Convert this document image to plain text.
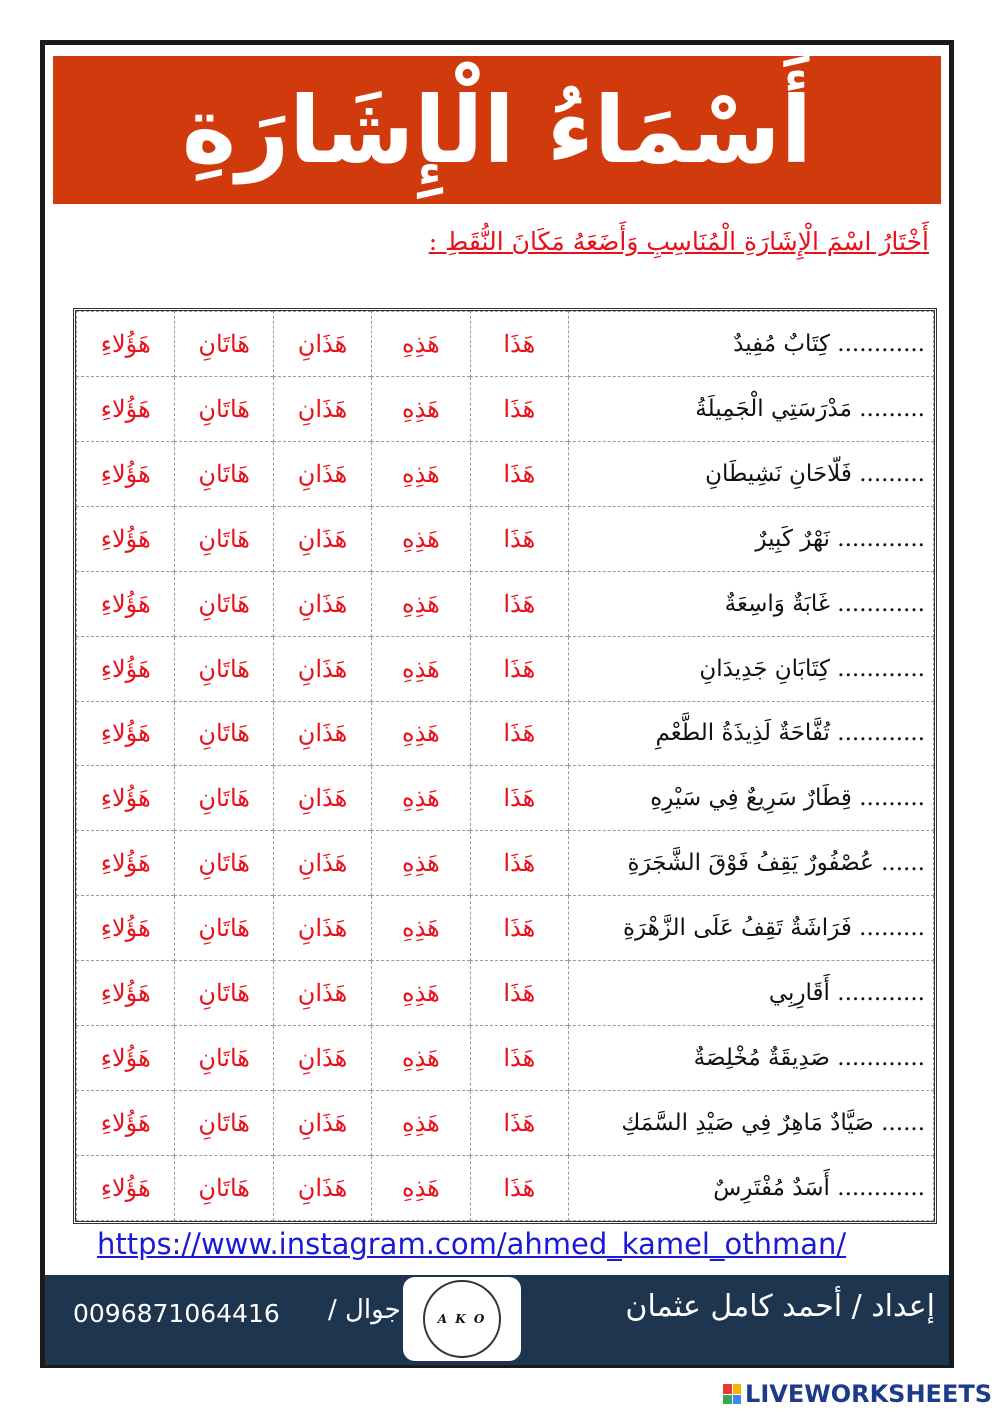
أَسْمَاءُ الْإِشَارَةِ
أَخْتَارُ اسْمَ الْإِشَارَةِ الْمُنَاسِبِ وَأَضَعَهُ مَكَانَ النُّقَطِ :
............ كِتَابٌ مُفِيدٌ	هَذَا	هَذِهِ	هَذَانِ	هَاتَانِ	هَؤُلاءِ
......... مَدْرَسَتِي الْجَمِيلَةُ	هَذَا	هَذِهِ	هَذَانِ	هَاتَانِ	هَؤُلاءِ
......... فَلّاحَانِ نَشِيطَانِ	هَذَا	هَذِهِ	هَذَانِ	هَاتَانِ	هَؤُلاءِ
............ نَهْرٌ كَبِيرٌ	هَذَا	هَذِهِ	هَذَانِ	هَاتَانِ	هَؤُلاءِ
............ غَابَةٌ وَاسِعَةٌ	هَذَا	هَذِهِ	هَذَانِ	هَاتَانِ	هَؤُلاءِ
............ كِتَابَانِ جَدِيدَانِ	هَذَا	هَذِهِ	هَذَانِ	هَاتَانِ	هَؤُلاءِ
............ تُفَّاحَةٌ لَذِيذَةُ الطَّعْمِ	هَذَا	هَذِهِ	هَذَانِ	هَاتَانِ	هَؤُلاءِ
......... قِطَارٌ سَرِيعٌ فِي سَيْرِهِ	هَذَا	هَذِهِ	هَذَانِ	هَاتَانِ	هَؤُلاءِ
...... عُصْفُورٌ يَقِفُ فَوْقَ الشَّجَرَةِ	هَذَا	هَذِهِ	هَذَانِ	هَاتَانِ	هَؤُلاءِ
......... فَرَاشَةٌ تَقِفُ عَلَى الزَّهْرَةِ	هَذَا	هَذِهِ	هَذَانِ	هَاتَانِ	هَؤُلاءِ
............ أَقَارِبِي	هَذَا	هَذِهِ	هَذَانِ	هَاتَانِ	هَؤُلاءِ
............ صَدِيقَةٌ مُخْلِصَةٌ	هَذَا	هَذِهِ	هَذَانِ	هَاتَانِ	هَؤُلاءِ
...... صَيَّادٌ مَاهِرٌ فِي صَيْدِ السَّمَكِ	هَذَا	هَذِهِ	هَذَانِ	هَاتَانِ	هَؤُلاءِ
............ أَسَدٌ مُفْتَرِسٌ	هَذَا	هَذِهِ	هَذَانِ	هَاتَانِ	هَؤُلاءِ
https://www.instagram.com/ahmed_kamel_othman/
إعداد / أحمد كامل عثمان
A K O
جوال /
0096871064416
LIVEWORKSHEETS
